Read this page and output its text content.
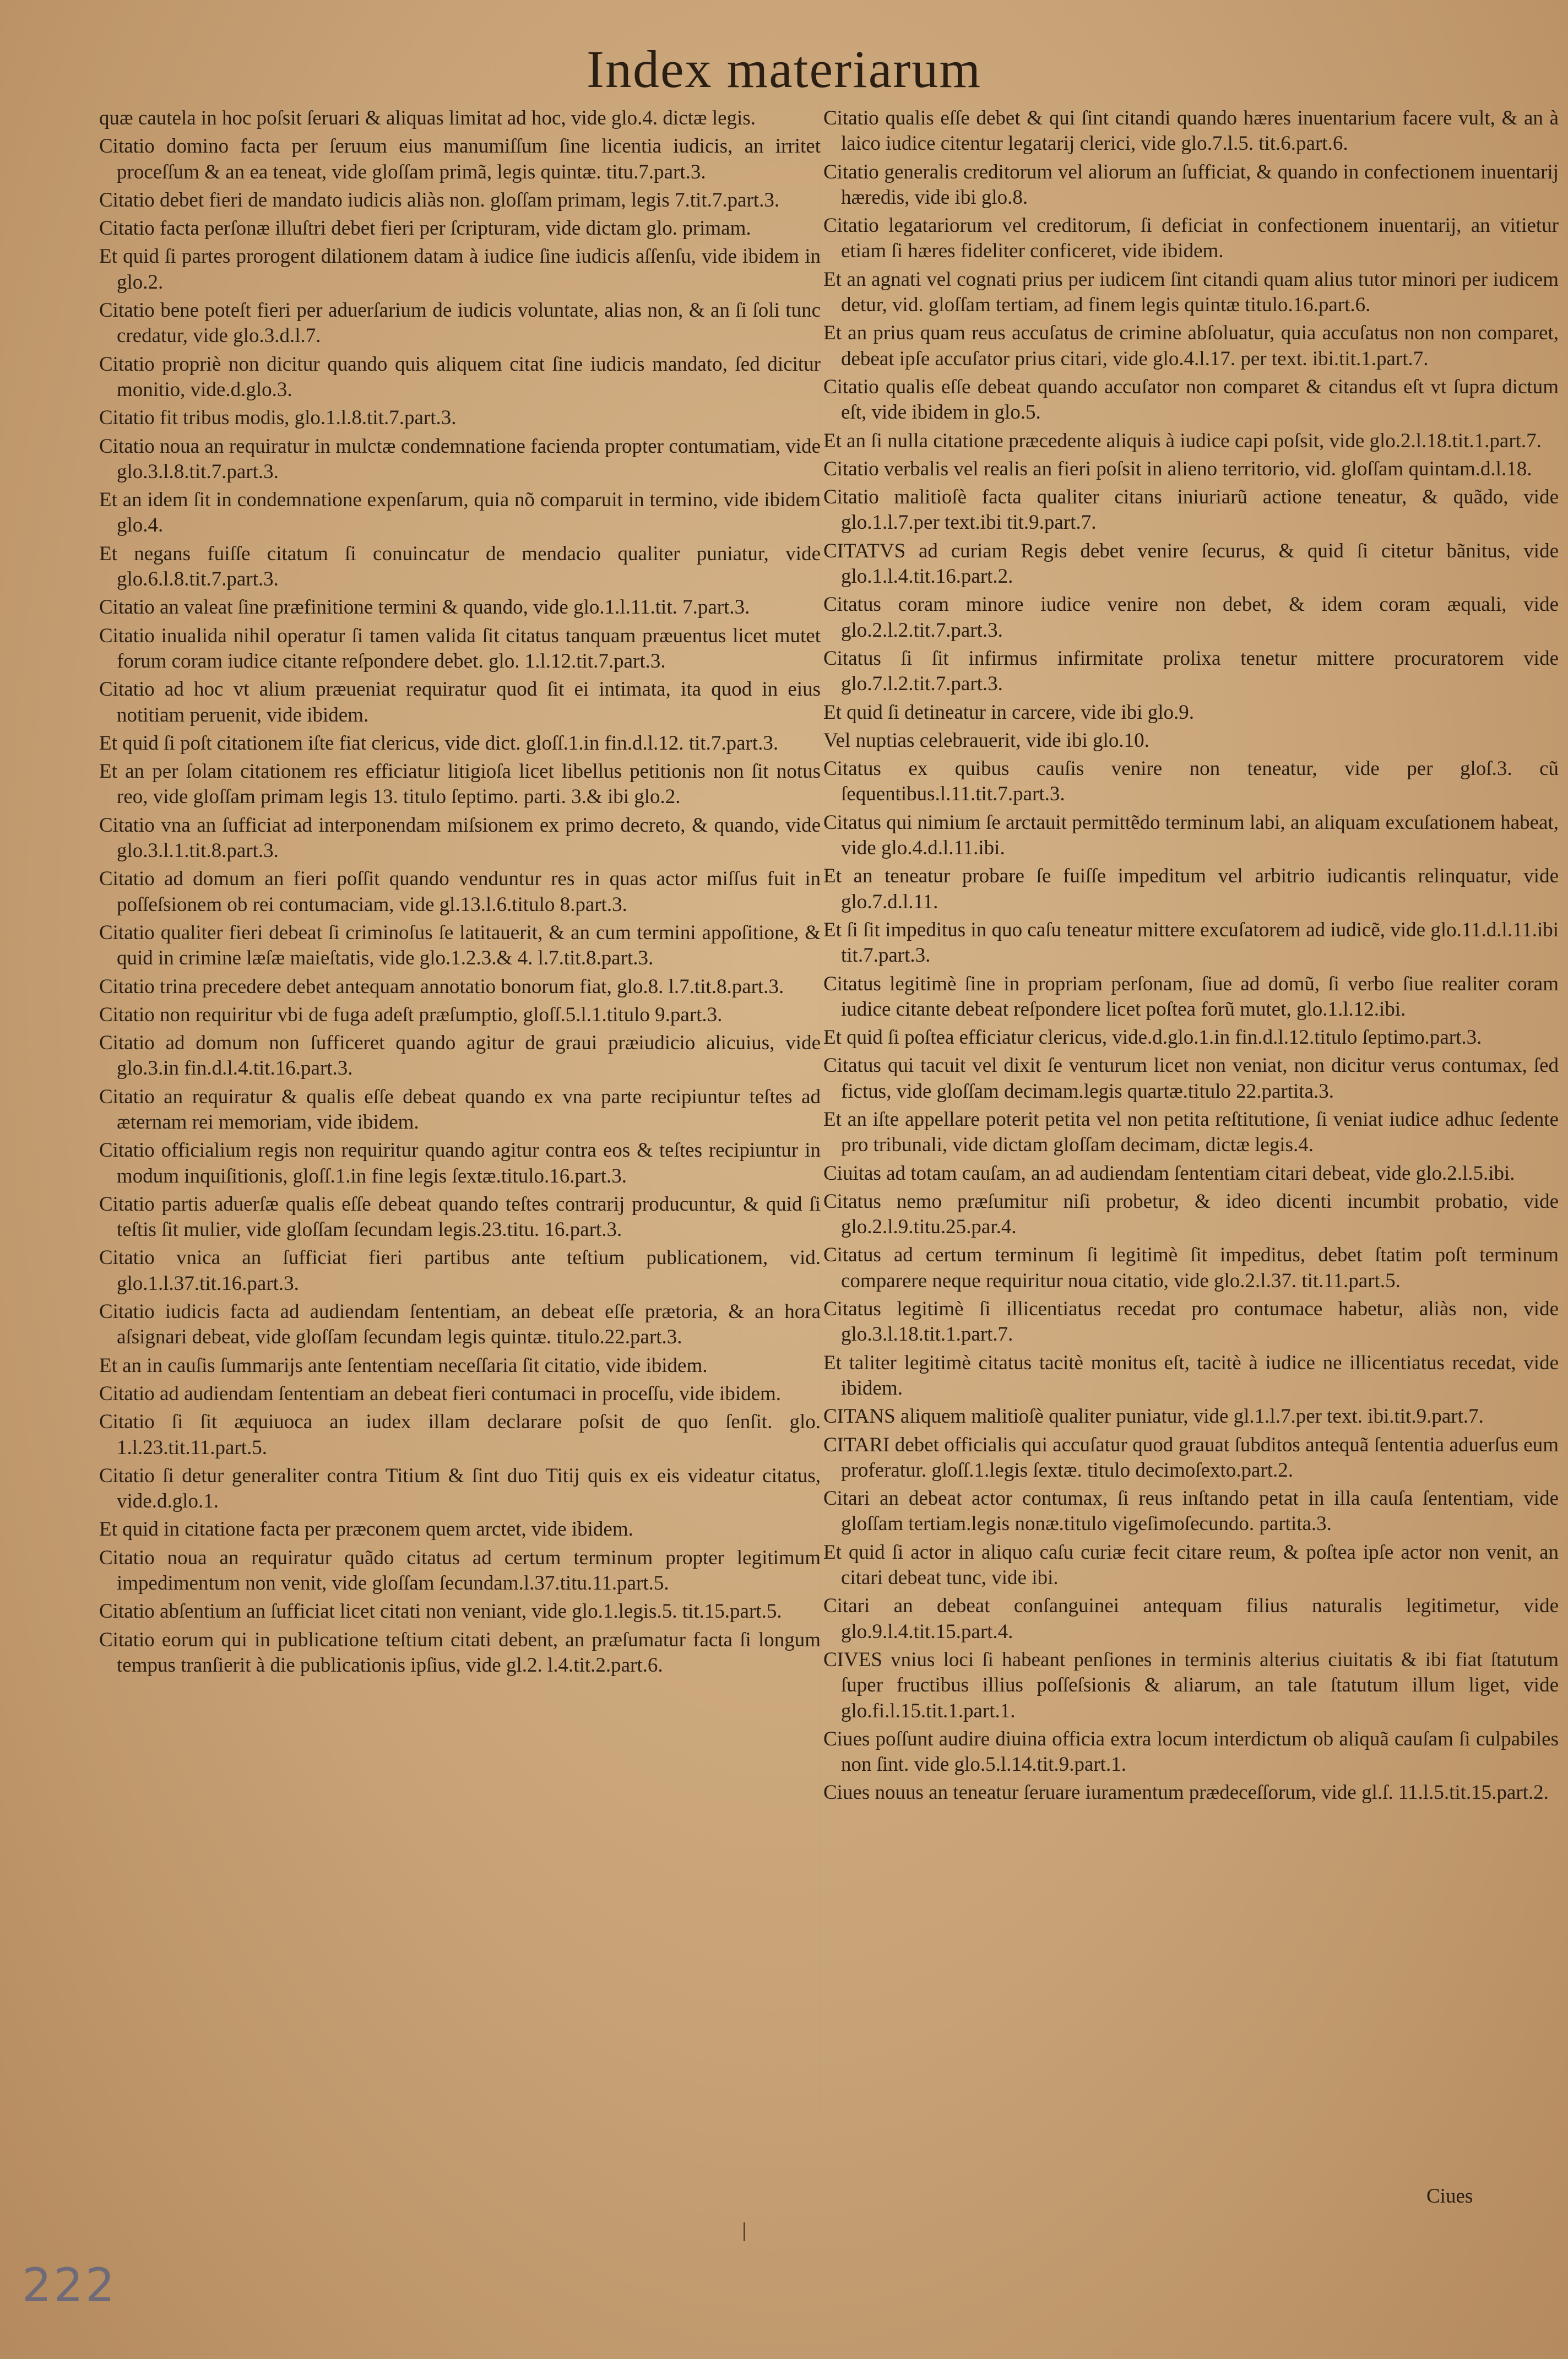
Index materiarum
quæ cautela in hoc poſsit ſeruari & aliquas limitat ad hoc, vide glo.4. dictæ legis.
Citatio domino facta per ſeruum eius manumiſſum ſine licentia iudicis, an irritet proceſſum & an ea teneat, vide gloſſam primã, legis quintæ. titu.7.part.3.
Citatio debet fieri de mandato iudicis aliàs non. gloſſam primam, legis 7.tit.7.part.3.
Citatio facta perſonæ illuſtri debet fieri per ſcripturam, vide dictam glo. primam.
Et quid ſi partes prorogent dilationem datam à iudice ſine iudicis aſſenſu, vide ibidem in glo.2.
Citatio bene poteſt fieri per aduerſarium de iudicis voluntate, alias non, & an ſi ſoli tunc credatur, vide glo.3.d.l.7.
Citatio propriè non dicitur quando quis aliquem citat ſine iudicis mandato, ſed dicitur monitio, vide.d.glo.3.
Citatio fit tribus modis, glo.1.l.8.tit.7.part.3.
Citatio noua an requiratur in mulctæ condemnatione facienda propter contumatiam, vide glo.3.l.8.tit.7.part.3.
Et an idem ſit in condemnatione expenſarum, quia nõ comparuit in termino, vide ibidem glo.4.
Et negans fuiſſe citatum ſi conuincatur de mendacio qualiter puniatur, vide glo.6.l.8.tit.7.part.3.
Citatio an valeat ſine præfinitione termini & quando, vide glo.1.l.11.tit. 7.part.3.
Citatio inualida nihil operatur ſi tamen valida ſit citatus tanquam præuentus licet mutet forum coram iudice citante reſpondere debet. glo. 1.l.12.tit.7.part.3.
Citatio ad hoc vt alium præueniat requiratur quod ſit ei intimata, ita quod in eius notitiam peruenit, vide ibidem.
Et quid ſi poſt citationem iſte fiat clericus, vide dict. gloſſ.1.in fin.d.l.12. tit.7.part.3.
Et an per ſolam citationem res efficiatur litigioſa licet libellus petitionis non ſit notus reo, vide gloſſam primam legis 13. titulo ſeptimo. parti. 3.& ibi glo.2.
Citatio vna an ſufficiat ad interponendam miſsionem ex primo decreto, & quando, vide glo.3.l.1.tit.8.part.3.
Citatio ad domum an fieri poſſit quando venduntur res in quas actor miſſus fuit in poſſeſsionem ob rei contumaciam, vide gl.13.l.6.titulo 8.part.3.
Citatio qualiter fieri debeat ſi criminoſus ſe latitauerit, & an cum termini appoſitione, & quid in crimine læſæ maieſtatis, vide glo.1.2.3.& 4. l.7.tit.8.part.3.
Citatio trina precedere debet antequam annotatio bonorum fiat, glo.8. l.7.tit.8.part.3.
Citatio non requiritur vbi de fuga adeſt præſumptio, gloſſ.5.l.1.titulo 9.part.3.
Citatio ad domum non ſufficeret quando agitur de graui præiudicio alicuius, vide glo.3.in fin.d.l.4.tit.16.part.3.
Citatio an requiratur & qualis eſſe debeat quando ex vna parte recipiuntur teſtes ad æternam rei memoriam, vide ibidem.
Citatio officialium regis non requiritur quando agitur contra eos & teſtes recipiuntur in modum inquiſitionis, gloſſ.1.in fine legis ſextæ.titulo.16.part.3.
Citatio partis aduerſæ qualis eſſe debeat quando teſtes contrarij producuntur, & quid ſi teſtis ſit mulier, vide gloſſam ſecundam legis.23.titu. 16.part.3.
Citatio vnica an ſufficiat fieri partibus ante teſtium publicationem, vid. glo.1.l.37.tit.16.part.3.
Citatio iudicis facta ad audiendam ſententiam, an debeat eſſe prætoria, & an hora aſsignari debeat, vide gloſſam ſecundam legis quintæ. titulo.22.part.3.
Et an in cauſis ſummarijs ante ſententiam neceſſaria ſit citatio, vide ibidem.
Citatio ad audiendam ſententiam an debeat fieri contumaci in proceſſu, vide ibidem.
Citatio ſi ſit æquiuoca an iudex illam declarare poſsit de quo ſenſit. glo. 1.l.23.tit.11.part.5.
Citatio ſi detur generaliter contra Titium & ſint duo Titij quis ex eis videatur citatus, vide.d.glo.1.
Et quid in citatione facta per præconem quem arctet, vide ibidem.
Citatio noua an requiratur quãdo citatus ad certum terminum propter legitimum impedimentum non venit, vide gloſſam ſecundam.l.37.titu.11.part.5.
Citatio abſentium an ſufficiat licet citati non veniant, vide glo.1.legis.5. tit.15.part.5.
Citatio eorum qui in publicatione teſtium citati debent, an præſumatur facta ſi longum tempus tranſierit à die publicationis ipſius, vide gl.2. l.4.tit.2.part.6.
Citatio qualis eſſe debet & qui ſint citandi quando hæres inuentarium facere vult, & an à laico iudice citentur legatarij clerici, vide glo.7.l.5. tit.6.part.6.
Citatio generalis creditorum vel aliorum an ſufficiat, & quando in confectionem inuentarij hæredis, vide ibi glo.8.
Citatio legatariorum vel creditorum, ſi deficiat in confectionem inuentarij, an vitietur etiam ſi hæres fideliter conficeret, vide ibidem.
Et an agnati vel cognati prius per iudicem ſint citandi quam alius tutor minori per iudicem detur, vid. gloſſam tertiam, ad finem legis quintæ titulo.16.part.6.
Et an prius quam reus accuſatus de crimine abſoluatur, quia accuſatus non non comparet, debeat ipſe accuſator prius citari, vide glo.4.l.17. per text. ibi.tit.1.part.7.
Citatio qualis eſſe debeat quando accuſator non comparet & citandus eſt vt ſupra dictum eſt, vide ibidem in glo.5.
Et an ſi nulla citatione præcedente aliquis à iudice capi poſsit, vide glo.2.l.18.tit.1.part.7.
Citatio verbalis vel realis an fieri poſsit in alieno territorio, vid. gloſſam quintam.d.l.18.
Citatio malitioſè facta qualiter citans iniuriarũ actione teneatur, & quãdo, vide glo.1.l.7.per text.ibi tit.9.part.7.
CITATVS ad curiam Regis debet venire ſecurus, & quid ſi citetur bãnitus, vide glo.1.l.4.tit.16.part.2.
Citatus coram minore iudice venire non debet, & idem coram æquali, vide glo.2.l.2.tit.7.part.3.
Citatus ſi ſit infirmus infirmitate prolixa tenetur mittere procuratorem vide glo.7.l.2.tit.7.part.3.
Et quid ſi detineatur in carcere, vide ibi glo.9.
Vel nuptias celebrauerit, vide ibi glo.10.
Citatus ex quibus cauſis venire non teneatur, vide per gloſ.3. cũ ſequentibus.l.11.tit.7.part.3.
Citatus qui nimium ſe arctauit permittẽdo terminum labi, an aliquam excuſationem habeat, vide glo.4.d.l.11.ibi.
Et an teneatur probare ſe fuiſſe impeditum vel arbitrio iudicantis relinquatur, vide glo.7.d.l.11.
Et ſi ſit impeditus in quo caſu teneatur mittere excuſatorem ad iudicẽ, vide glo.11.d.l.11.ibi tit.7.part.3.
Citatus legitimè ſine in propriam perſonam, ſiue ad domũ, ſi verbo ſiue realiter coram iudice citante debeat reſpondere licet poſtea forũ mutet, glo.1.l.12.ibi.
Et quid ſi poſtea efficiatur clericus, vide.d.glo.1.in fin.d.l.12.titulo ſeptimo.part.3.
Citatus qui tacuit vel dixit ſe venturum licet non veniat, non dicitur verus contumax, ſed fictus, vide gloſſam decimam.legis quartæ.titulo 22.partita.3.
Et an iſte appellare poterit petita vel non petita reſtitutione, ſi veniat iudice adhuc ſedente pro tribunali, vide dictam gloſſam decimam, dictæ legis.4.
Ciuitas ad totam cauſam, an ad audiendam ſententiam citari debeat, vide glo.2.l.5.ibi.
Citatus nemo præſumitur niſi probetur, & ideo dicenti incumbit probatio, vide glo.2.l.9.titu.25.par.4.
Citatus ad certum terminum ſi legitimè ſit impeditus, debet ſtatim poſt terminum comparere neque requiritur noua citatio, vide glo.2.l.37. tit.11.part.5.
Citatus legitimè ſi illicentiatus recedat pro contumace habetur, aliàs non, vide glo.3.l.18.tit.1.part.7.
Et taliter legitimè citatus tacitè monitus eſt, tacitè à iudice ne illicentiatus recedat, vide ibidem.
CITANS aliquem malitioſè qualiter puniatur, vide gl.1.l.7.per text. ibi.tit.9.part.7.
CITARI debet officialis qui accuſatur quod grauat ſubditos antequã ſententia aduerſus eum proferatur. gloſſ.1.legis ſextæ. titulo decimoſexto.part.2.
Citari an debeat actor contumax, ſi reus inſtando petat in illa cauſa ſententiam, vide gloſſam tertiam.legis nonæ.titulo vigeſimoſecundo. partita.3.
Et quid ſi actor in aliquo caſu curiæ fecit citare reum, & poſtea ipſe actor non venit, an citari debeat tunc, vide ibi.
Citari an debeat conſanguinei antequam filius naturalis legitimetur, vide glo.9.l.4.tit.15.part.4.
CIVES vnius loci ſi habeant penſiones in terminis alterius ciuitatis & ibi fiat ſtatutum ſuper fructibus illius poſſeſsionis & aliarum, an tale ſtatutum illum liget, vide glo.fi.l.15.tit.1.part.1.
Ciues poſſunt audire diuina officia extra locum interdictum ob aliquã cauſam ſi culpabiles non ſint. vide glo.5.l.14.tit.9.part.1.
Ciues nouus an teneatur ſeruare iuramentum prædeceſſorum, vide gl.ſ. 11.l.5.tit.15.part.2.
Ciues
222
